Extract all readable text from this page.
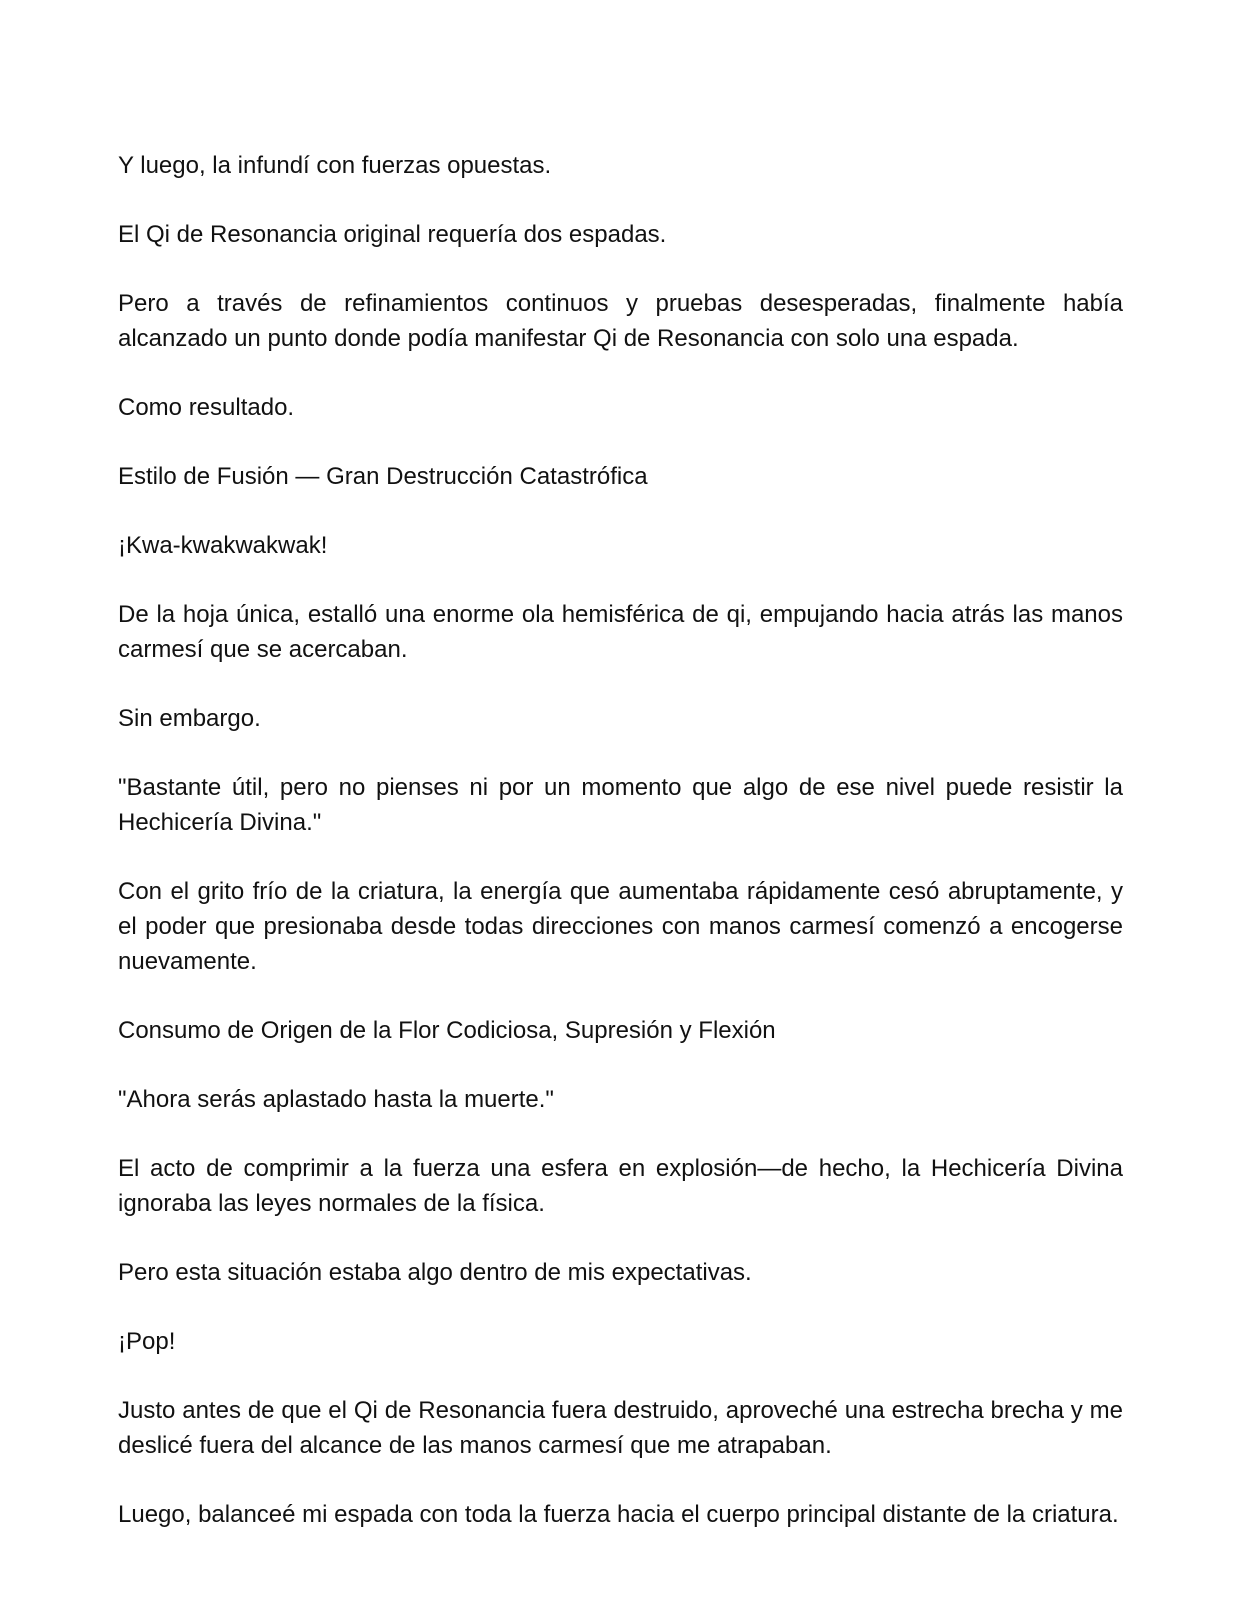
Y luego, la infundí con fuerzas opuestas.

El Qi de Resonancia original requería dos espadas.

Pero a través de refinamientos continuos y pruebas desesperadas, finalmente había alcanzado un punto donde podía manifestar Qi de Resonancia con solo una espada.

Como resultado.

Estilo de Fusión — Gran Destrucción Catastrófica

¡Kwa-kwakwakwak!

De la hoja única, estalló una enorme ola hemisférica de qi, empujando hacia atrás las manos carmesí que se acercaban.

Sin embargo.

"Bastante útil, pero no pienses ni por un momento que algo de ese nivel puede resistir la Hechicería Divina."

Con el grito frío de la criatura, la energía que aumentaba rápidamente cesó abruptamente, y el poder que presionaba desde todas direcciones con manos carmesí comenzó a encogerse nuevamente.

Consumo de Origen de la Flor Codiciosa, Supresión y Flexión

"Ahora serás aplastado hasta la muerte."

El acto de comprimir a la fuerza una esfera en explosión—de hecho, la Hechicería Divina ignoraba las leyes normales de la física.

Pero esta situación estaba algo dentro de mis expectativas.

¡Pop!

Justo antes de que el Qi de Resonancia fuera destruido, aproveché una estrecha brecha y me deslicé fuera del alcance de las manos carmesí que me atrapaban.

Luego, balanceé mi espada con toda la fuerza hacia el cuerpo principal distante de la criatura.
